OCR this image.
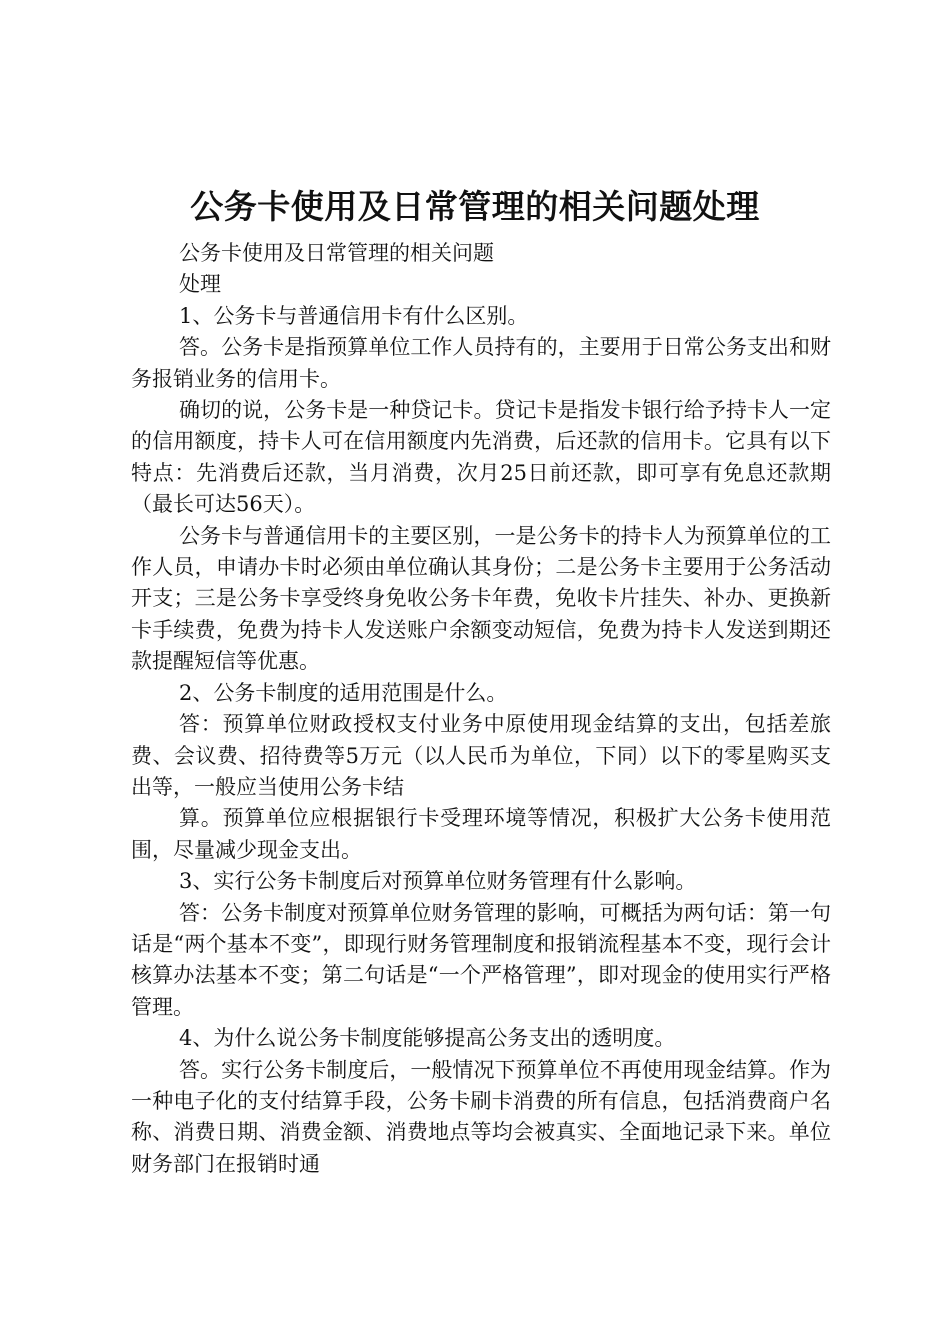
公务卡使用及日常管理的相关问题处理

公务卡使用及日常管理的相关问题

处理

1、公务卡与普通信用卡有什么区别。

答。公务卡是指预算单位工作人员持有的，主要用于日常公务支出和财务报销业务的信用卡。

确切的说，公务卡是一种贷记卡。贷记卡是指发卡银行给予持卡人一定的信用额度，持卡人可在信用额度内先消费，后还款的信用卡。它具有以下特点：先消费后还款，当月消费，次月25日前还款，即可享有免息还款期（最长可达56天）。

公务卡与普通信用卡的主要区别，一是公务卡的持卡人为预算单位的工作人员，申请办卡时必须由单位确认其身份；二是公务卡主要用于公务活动开支；三是公务卡享受终身免收公务卡年费，免收卡片挂失、补办、更换新卡手续费，免费为持卡人发送账户余额变动短信，免费为持卡人发送到期还款提醒短信等优惠。

2、公务卡制度的适用范围是什么。

答：预算单位财政授权支付业务中原使用现金结算的支出，包括差旅费、会议费、招待费等5万元（以人民币为单位，下同）以下的零星购买支出等，一般应当使用公务卡结

算。预算单位应根据银行卡受理环境等情况，积极扩大公务卡使用范围，尽量减少现金支出。

3、实行公务卡制度后对预算单位财务管理有什么影响。

答：公务卡制度对预算单位财务管理的影响，可概括为两句话：第一句话是“两个基本不变”，即现行财务管理制度和报销流程基本不变，现行会计核算办法基本不变；第二句话是“一个严格管理”，即对现金的使用实行严格管理。

4、为什么说公务卡制度能够提高公务支出的透明度。

答。实行公务卡制度后，一般情况下预算单位不再使用现金结算。作为一种电子化的支付结算手段，公务卡刷卡消费的所有信息，包括消费商户名称、消费日期、消费金额、消费地点等均会被真实、全面地记录下来。单位财务部门在报销时通
